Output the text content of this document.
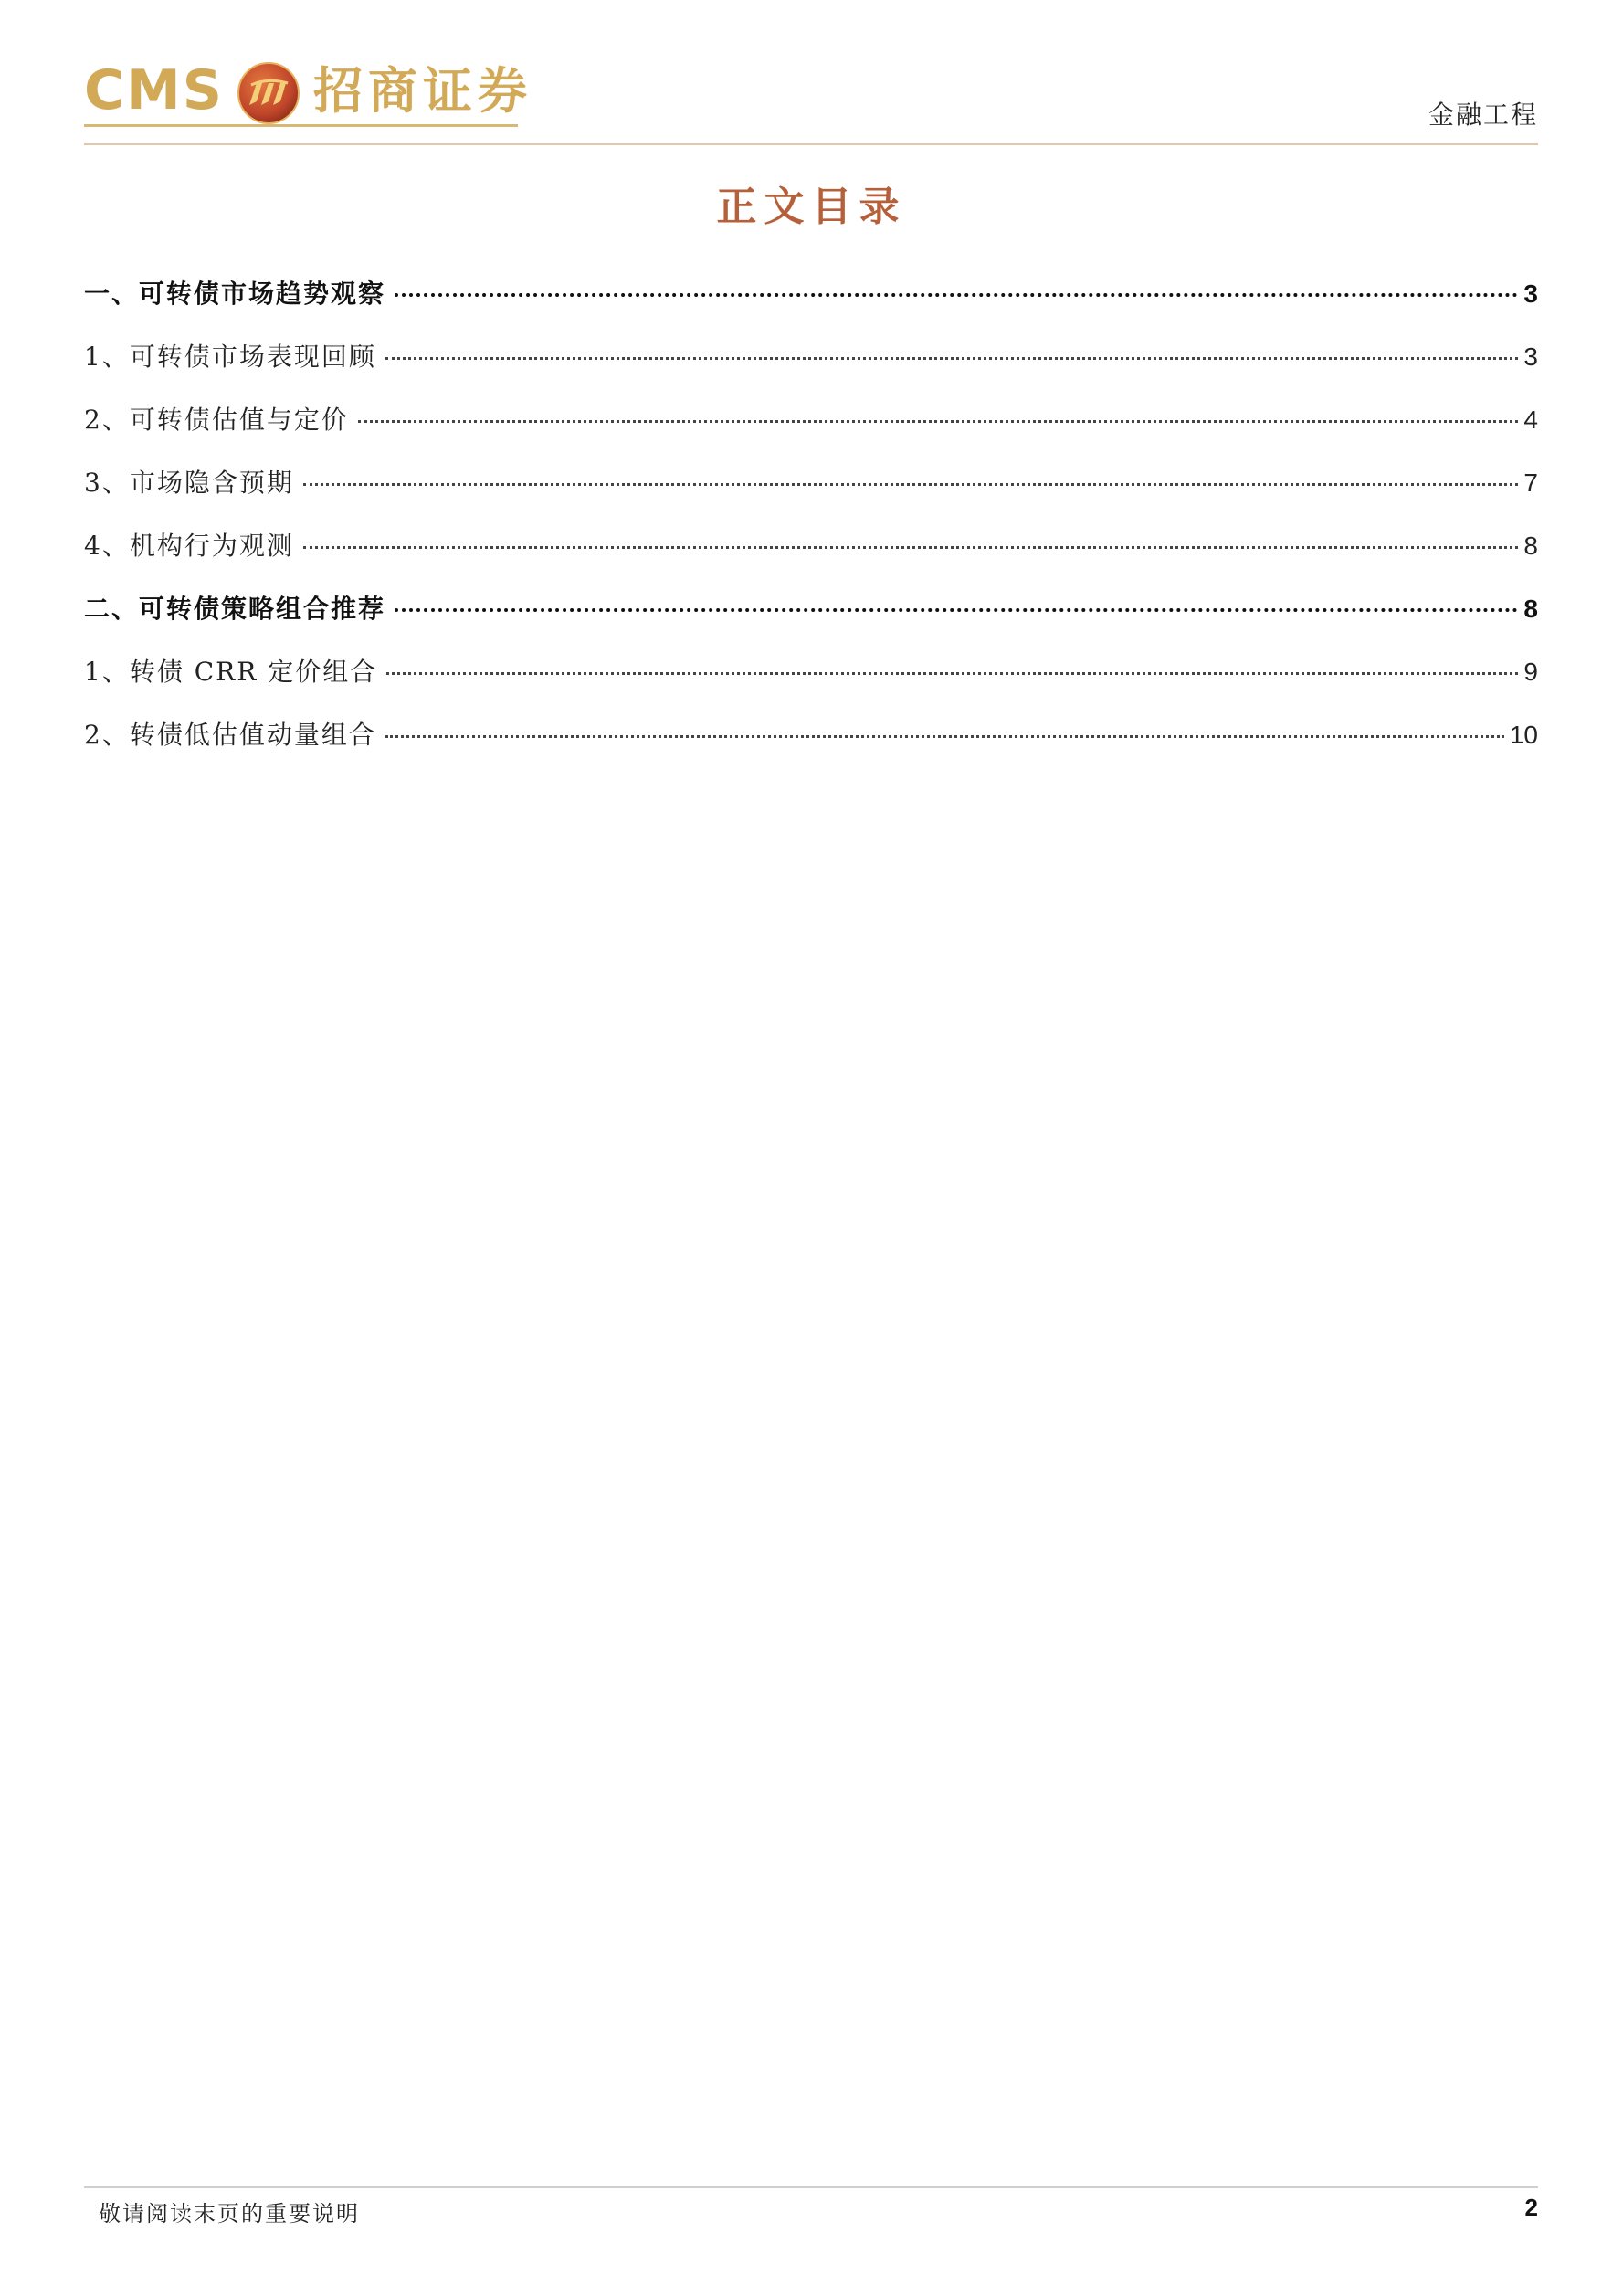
CMS 招商证券	金融工程
正文目录
一、可转债市场趋势观察	3
1、可转债市场表现回顾	3
2、可转债估值与定价	4
3、市场隐含预期	7
4、机构行为观测	8
二、可转债策略组合推荐	8
1、转债 CRR 定价组合	9
2、转债低估值动量组合	10
敬请阅读末页的重要说明	2
